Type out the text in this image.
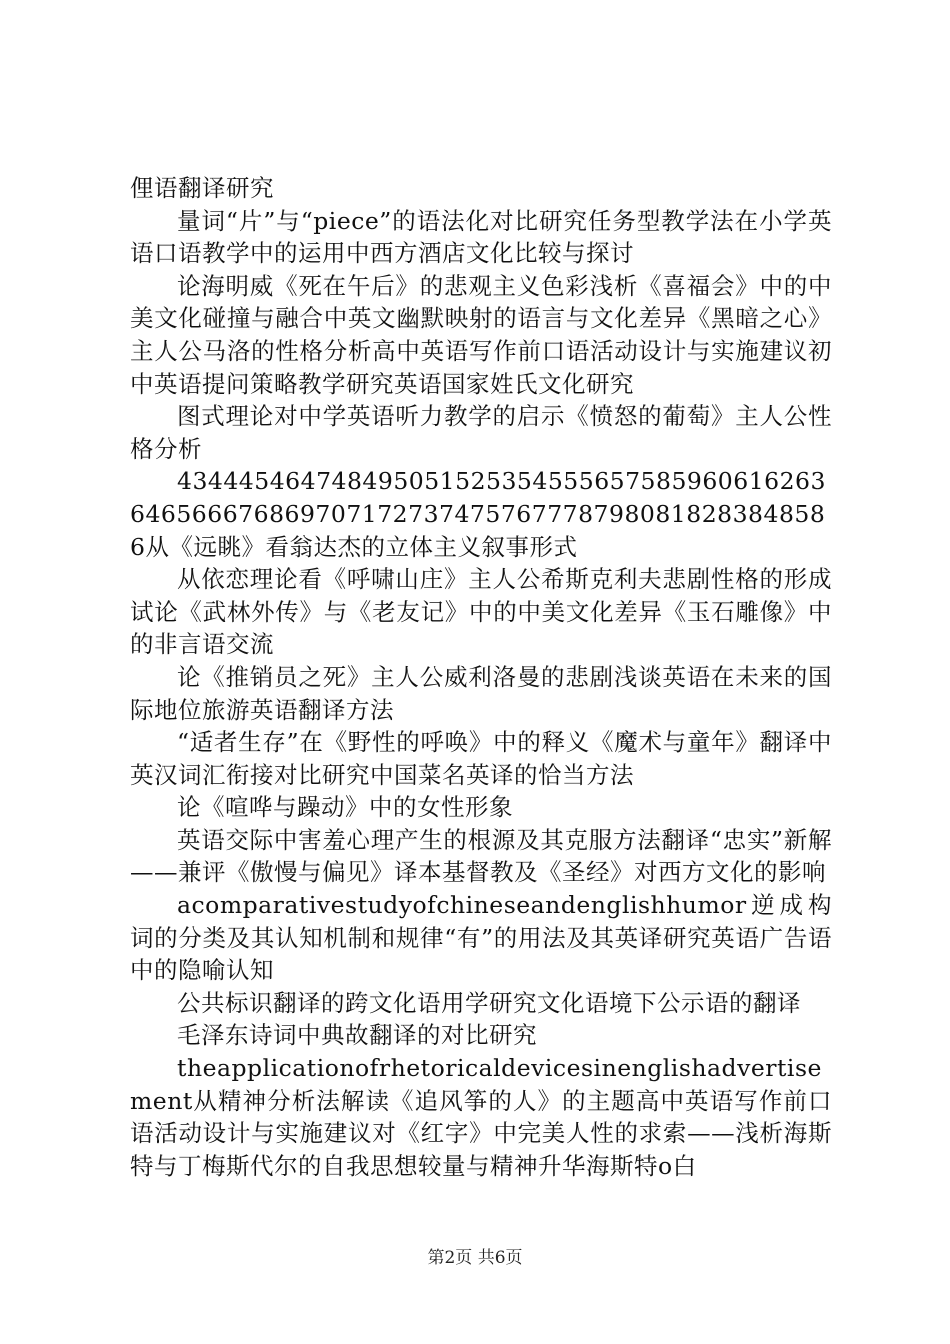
俚语翻译研究

量词“片”与“piece”的语法化对比研究任务型教学法在小学英语口语教学中的运用中西方酒店文化比较与探讨

论海明威《死在午后》的悲观主义色彩浅析《喜福会》中的中美文化碰撞与融合中英文幽默映射的语言与文化差异《黑暗之心》主人公马洛的性格分析高中英语写作前口语活动设计与实施建议初中英语提问策略教学研究英语国家姓氏文化研究

图式理论对中学英语听力教学的启示《愤怒的葡萄》主人公性格分析

4344454647484950515253545556575859606162636465666768697071727374757677787980818283848586从《远眺》看翁达杰的立体主义叙事形式

从依恋理论看《呼啸山庄》主人公希斯克利夫悲剧性格的形成试论《武林外传》与《老友记》中的中美文化差异《玉石雕像》中的非言语交流

论《推销员之死》主人公威利洛曼的悲剧浅谈英语在未来的国际地位旅游英语翻译方法

“适者生存”在《野性的呼唤》中的释义《魔术与童年》翻译中英汉词汇衔接对比研究中国菜名英译的恰当方法

论《喧哗与躁动》中的女性形象

英语交际中害羞心理产生的根源及其克服方法翻译“忠实”新解——兼评《傲慢与偏见》译本基督教及《圣经》对西方文化的影响

acomparativestudyofchineseandenglishhumor逆成构词的分类及其认知机制和规律“有”的用法及其英译研究英语广告语中的隐喻认知

公共标识翻译的跨文化语用学研究文化语境下公示语的翻译

毛泽东诗词中典故翻译的对比研究

theapplicationofrhetoricaldevicesinenglishadvertisement从精神分析法解读《追风筝的人》的主题高中英语写作前口语活动设计与实施建议对《红字》中完美人性的求索——浅析海斯特与丁梅斯代尔的自我思想较量与精神升华海斯特o白

第2页 共6页
